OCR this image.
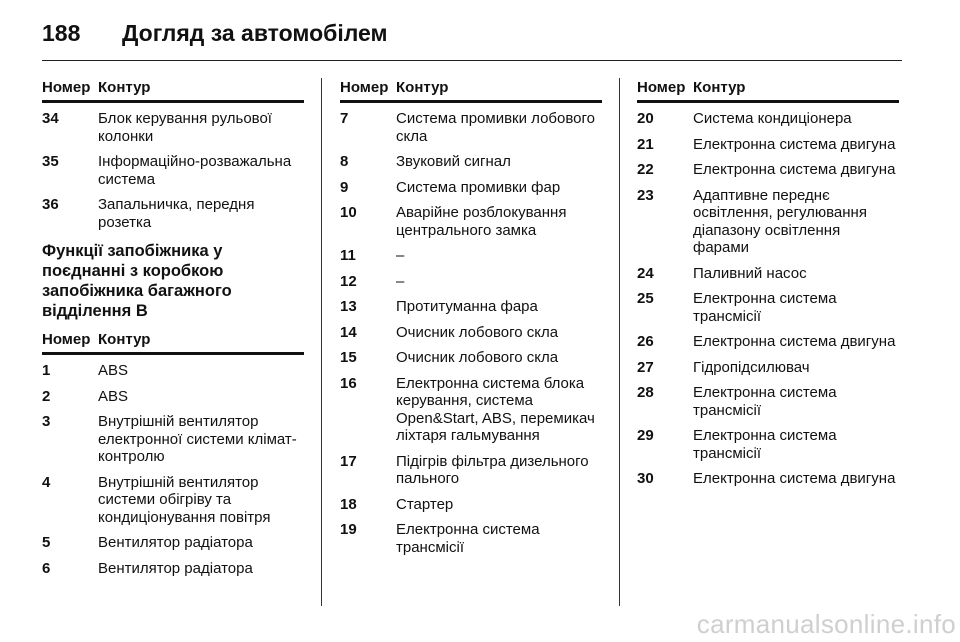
188 Догляд за автомобілем
Номер Контур
34	Блок керування рульової колонки
35	Інформаційно-розважальна система
36	Запальничка, передня розетка
Функції запобіжника у поєднанні з коробкою запобіжника багажного відділення B
Номер Контур
1	ABS
2	ABS
3	Внутрішній вентилятор електронної системи клімат-контролю
4	Внутрішній вентилятор системи обігріву та кондиціонування повітря
5	Вентилятор радіатора
6	Вентилятор радіатора
Номер Контур
7	Система промивки лобового скла
8	Звуковий сигнал
9	Система промивки фар
10	Аварійне розблокування центрального замка
11	–
12	–
13	Протитуманна фара
14	Очисник лобового скла
15	Очисник лобового скла
16	Електронна система блока керування, система Open&Start, ABS, перемикач ліхтаря гальмування
17	Підігрів фільтра дизельного пального
18	Стартер
19	Електронна система трансмісії
Номер Контур
20	Система кондиціонера
21	Електронна система двигуна
22	Електронна система двигуна
23	Адаптивне переднє освітлення, регулювання діапазону освітлення фарами
24	Паливний насос
25	Електронна система трансмісії
26	Електронна система двигуна
27	Гідропідсилювач
28	Електронна система трансмісії
29	Електронна система трансмісії
30	Електронна система двигуна
carmanualsonline.info
